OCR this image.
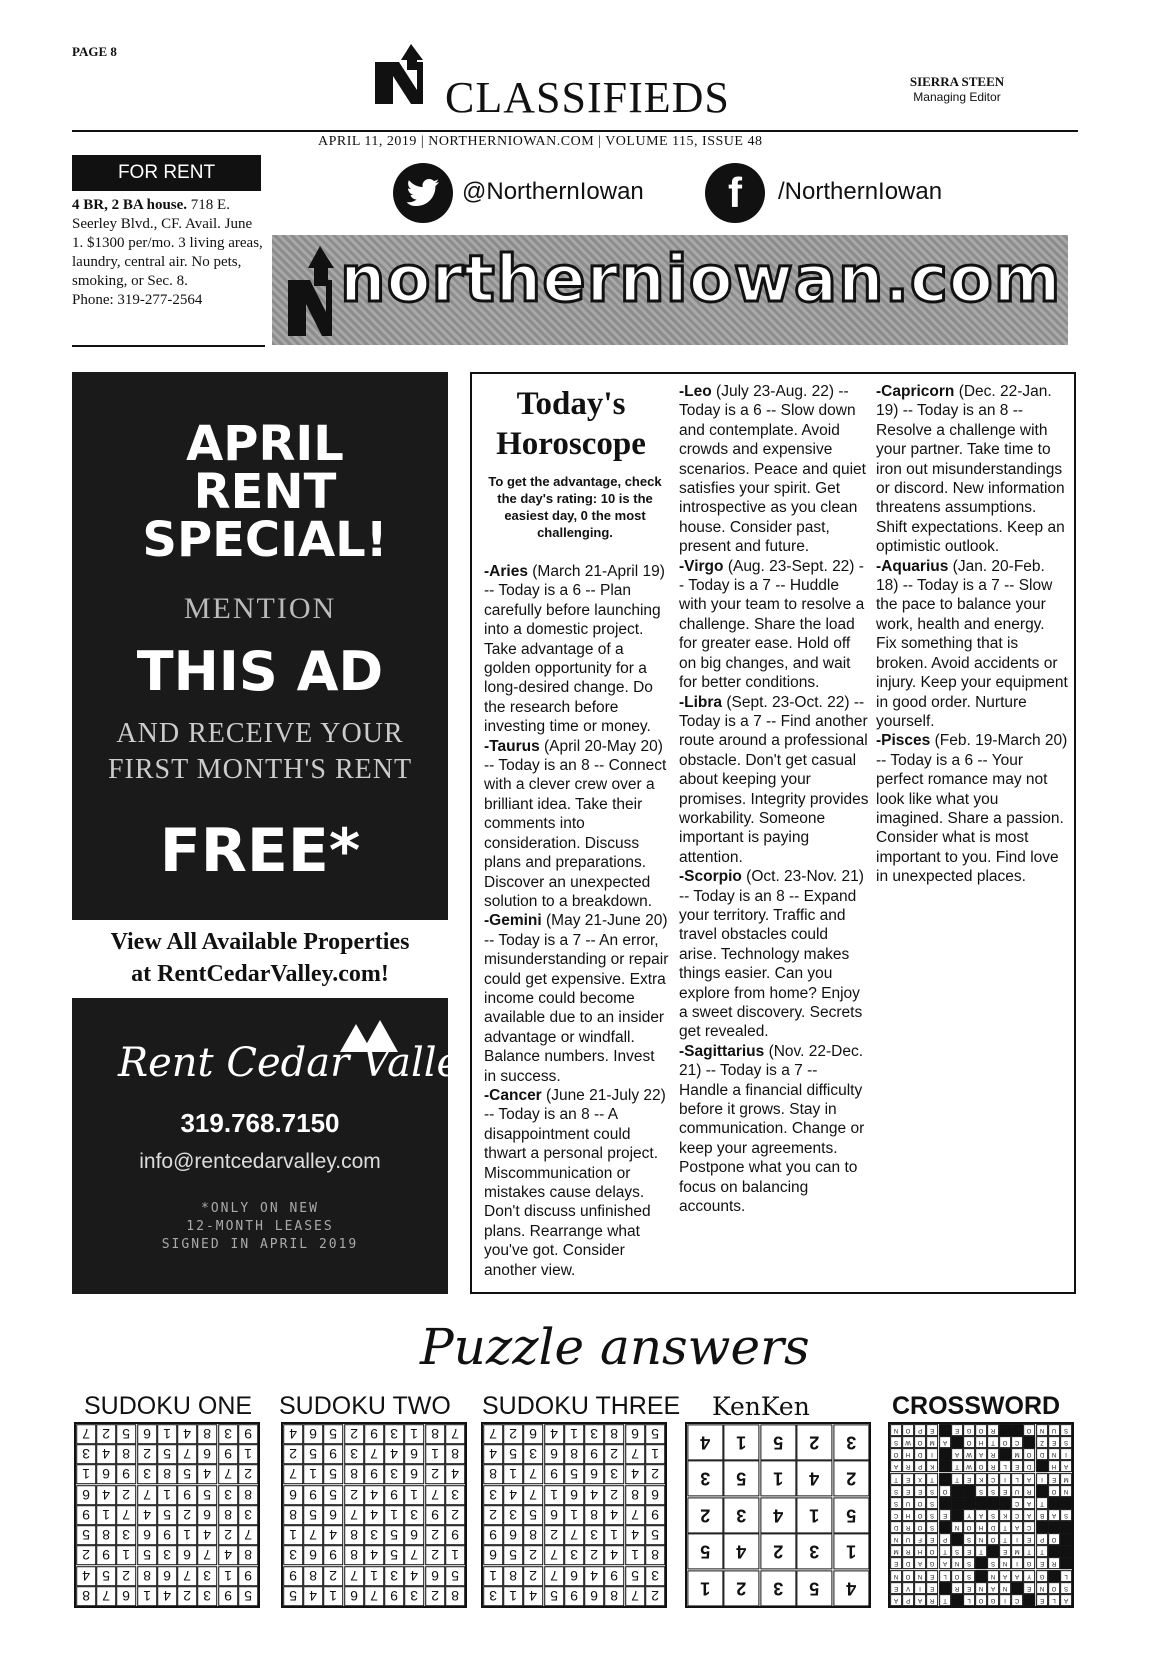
PAGE 8
CLASSIFIEDS	SIERRA STEEN
Managing Editor
APRIL 11, 2019 | NORTHERNIOWAN.COM | VOLUME 115, ISSUE 48
FOR RENT
4 BR, 2 BA house. 718 E. Seerley Blvd., CF. Avail. June 1. $1300 per/mo. 3 living areas, laundry, central air. No pets, smoking, or Sec. 8.
Phone: 319-277-2564
@NorthernIowan	f	/NorthernIowan
northerniowan.com
APRIL
RENT
SPECIAL!
MENTION
THIS AD
AND RECEIVE YOUR
FIRST MONTH'S RENT
FREE*
View All Available Properties
at RentCedarValley.com!
Rent Cedar Valley
319.768.7150
info@rentcedarvalley.com
*ONLY ON NEW
12-MONTH LEASES
SIGNED IN APRIL 2019
Today's
Horoscope
To get the advantage, check the day's rating: 10 is the easiest day, 0 the most challenging.
-Aries (March 21-April 19) -- Today is a 6 -- Plan carefully before launching into a domestic project. Take advantage of a golden opportunity for a long-desired change. Do the research before investing time or money.
-Taurus (April 20-May 20) -- Today is an 8 -- Connect with a clever crew over a brilliant idea. Take their comments into consideration. Discuss plans and preparations. Discover an unexpected solution to a breakdown.
-Gemini (May 21-June 20) -- Today is a 7 -- An error, misunderstanding or repair could get expensive. Extra income could become available due to an insider advantage or windfall. Balance numbers. Invest in success.
-Cancer (June 21-July 22) -- Today is an 8 -- A disappointment could thwart a personal project. Miscommunication or mistakes cause delays. Don't discuss unfinished plans. Rearrange what you've got. Consider another view.

-Leo (July 23-Aug. 22) -- Today is a 6 -- Slow down and contemplate. Avoid crowds and expensive scenarios. Peace and quiet satisfies your spirit. Get introspective as you clean house. Consider past, present and future.
-Virgo (Aug. 23-Sept. 22) -- Today is a 7 -- Huddle with your team to resolve a challenge. Share the load for greater ease. Hold off on big changes, and wait for better conditions.
-Libra (Sept. 23-Oct. 22) -- Today is a 7 -- Find another route around a professional obstacle. Don't get casual about keeping your promises. Integrity provides workability. Someone important is paying attention.
-Scorpio (Oct. 23-Nov. 21) -- Today is an 8 -- Expand your territory. Traffic and travel obstacles could arise. Technology makes things easier. Can you explore from home? Enjoy a sweet discovery. Secrets get revealed.
-Sagittarius (Nov. 22-Dec. 21) -- Today is a 7 -- Handle a financial difficulty before it grows. Stay in communication. Change or keep your agreements. Postpone what you can to focus on balancing accounts.

-Capricorn (Dec. 22-Jan. 19) -- Today is an 8 -- Resolve a challenge with your partner. Take time to iron out misunderstandings or discord. New information threatens assumptions. Shift expectations. Keep an optimistic outlook.
-Aquarius (Jan. 20-Feb. 18) -- Today is a 7 -- Slow the pace to balance your work, health and energy. Fix something that is broken. Avoid accidents or injury. Keep your equipment in good order. Nurture yourself.
-Pisces (Feb. 19-March 20) -- Today is a 6 -- Your perfect romance may not look like what you imagined. Share a passion. Consider what is most important to you. Find love in unexpected places.

Puzzle answers
SUDOKU ONE SUDOKU TWO SUDOKU THREE KenKen	CROSSWORD
7 2 5 6 1 4 8 3 9
3 4 8 2 5 7 6 9 1
1 6 9 3 8 5 4 7 2
6 4 2 7 1 9 5 3 8
9 1 7 4 5 2 6 8 3
5 8 3 6 9 1 4 2 7
2 9 1 5 3 6 7 4 8
4 5 2 8 6 7 3 1 9
8 7 6 1 4 2 3 9 5
4 6 5 2 9 3 1 8 7
2 5 9 3 7 4 6 1 8
7 1 5 8 9 3 6 2 4
6 9 5 2 4 9 1 7 3
8 5 6 7 4 1 3 9 2
1 7 4 8 3 5 6 2 9
3 6 9 8 4 5 7 2 1
9 8 2 7 1 3 4 6 5
5 4 1 6 7 9 3 2 8
7 2 6 4 1 3 8 6 5
4 5 3 6 8 9 2 7 1
8 1 7 9 5 6 3 4 2
3 4 7 1 6 4 2 8 6
2 3 5 6 1 8 4 7 9
9 6 8 2 7 3 1 4 5
6 5 2 7 3 2 4 1 8
1 8 2 7 6 4 9 5 3
3 1 4 5 9 6 8 7 2
4	1	5	2	3
3	5	1	4	2
2	3	4	1	5
5	4	2	3	1
1	2	3	5	4
N	O	P	E	E	G	O	R	O	N	U	S
S	W	O	M	A	O	H	T	O	C	Z	E	S
O	H	D	I	A	W	A	R	M	O	D	N	I
A	R	P	K	T	W	O	R	L	E	D	H	A
T	E	X	T	T	E	K	C	I	L	A	I	E	M
S	E	E	S	O	S	S	E	U	R	O	N
S	U	O	S	C	A	T
C	H	O	S	E	Y	A	S	K	C	A	B	A	S
D	R	O	S	N	O	H	D	T	A	C
N	U	F	E	P	S	N	O	T	I	E	P	O
M	R	H	O	T	S	E	T	E	M	T	T
E	D	A	G	A	N	S	S	N	I	G	E	R
N	O	N	E	L	O	S	N	A	A	Y	G	L
E	V	I	E	R	E	N	A	N	E	N	O	S
A	P	A	R	T	L	O	G	I	C	E	L	A
